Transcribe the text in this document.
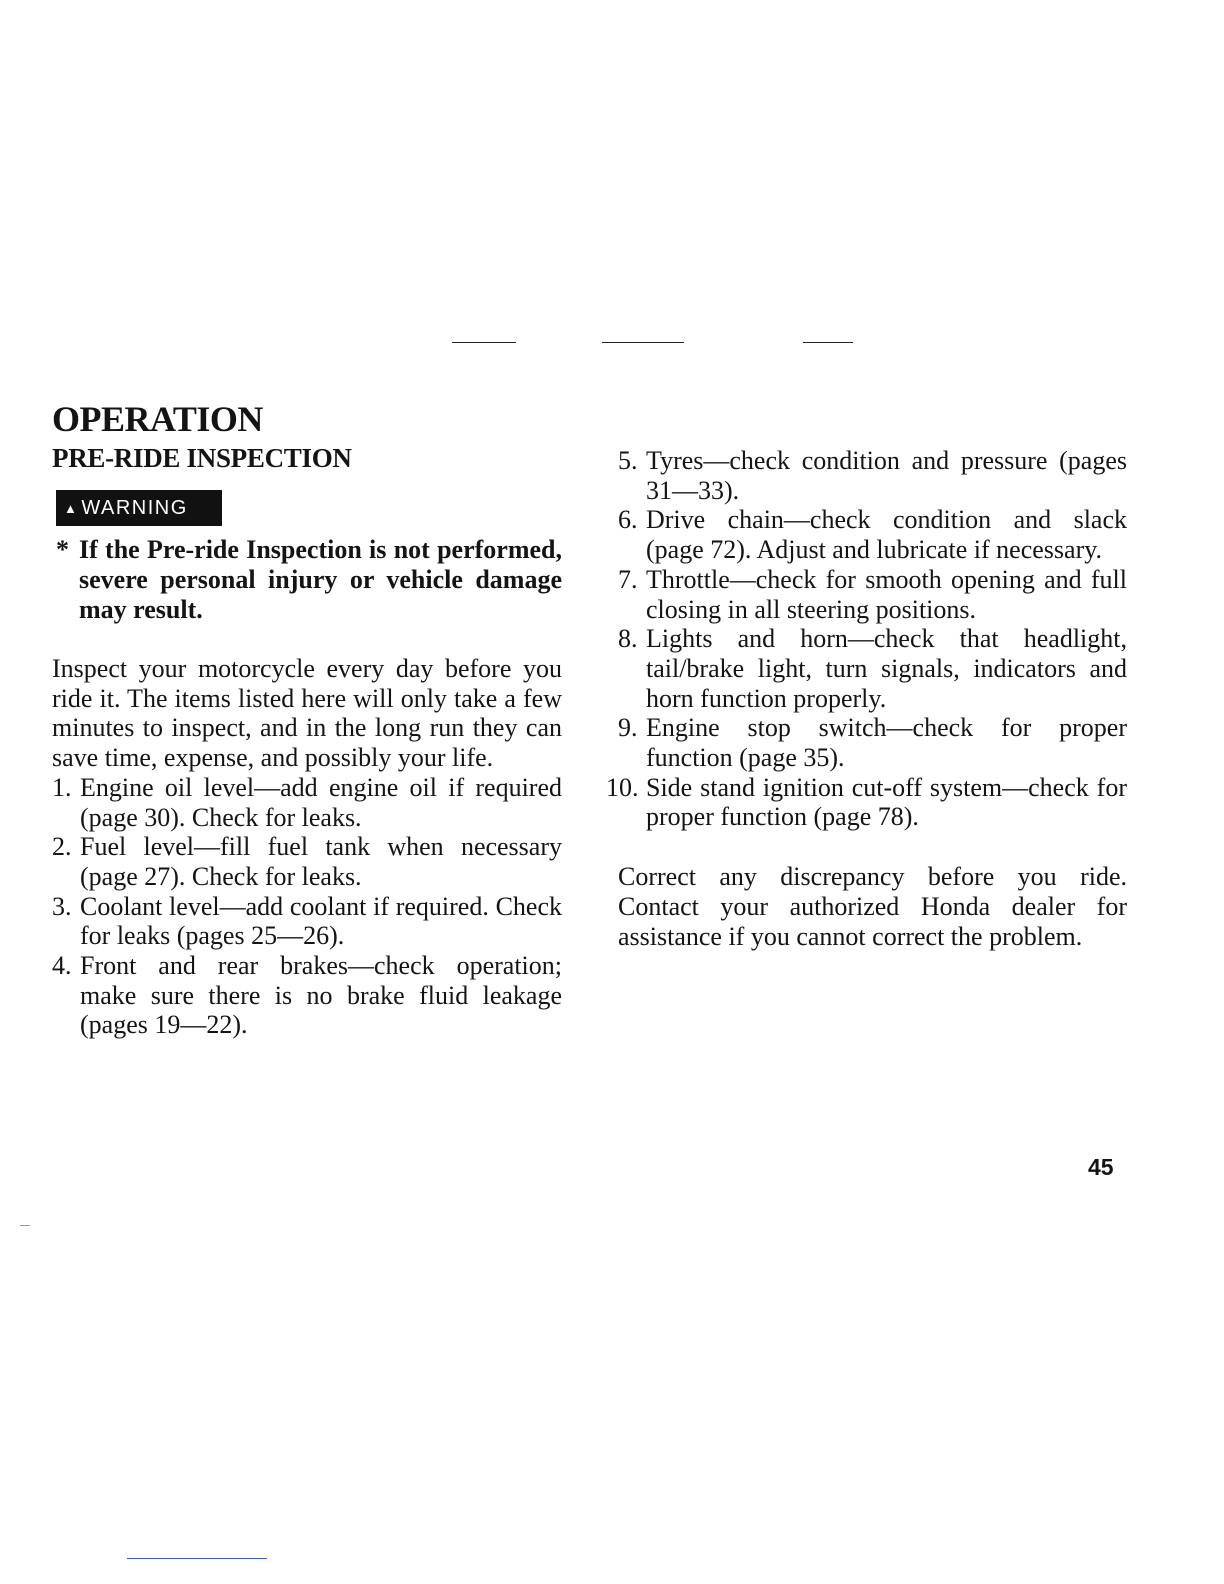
OPERATION
PRE-RIDE INSPECTION
▲ WARNING
* If the Pre-ride Inspection is not performed, severe personal injury or vehicle damage may result.

Inspect your motorcycle every day before you ride it. The items listed here will only take a few minutes to inspect, and in the long run they can save time, expense, and possibly your life.

1. Engine oil level—add engine oil if required (page 30). Check for leaks.
2. Fuel level—fill fuel tank when necessary (page 27). Check for leaks.
3. Coolant level—add coolant if required. Check for leaks (pages 25—26).
4. Front and rear brakes—check operation; make sure there is no brake fluid leakage (pages 19—22).
5. Tyres—check condition and pressure (pages 31—33).
6. Drive chain—check condition and slack (page 72). Adjust and lubricate if necessary.
7. Throttle—check for smooth opening and full closing in all steering positions.
8. Lights and horn—check that headlight, tail/brake light, turn signals, indicators and horn function properly.
9. Engine stop switch—check for proper function (page 35).
10. Side stand ignition cut-off system—check for proper function (page 78).

Correct any discrepancy before you ride. Contact your authorized Honda dealer for assistance if you cannot correct the problem.

45
